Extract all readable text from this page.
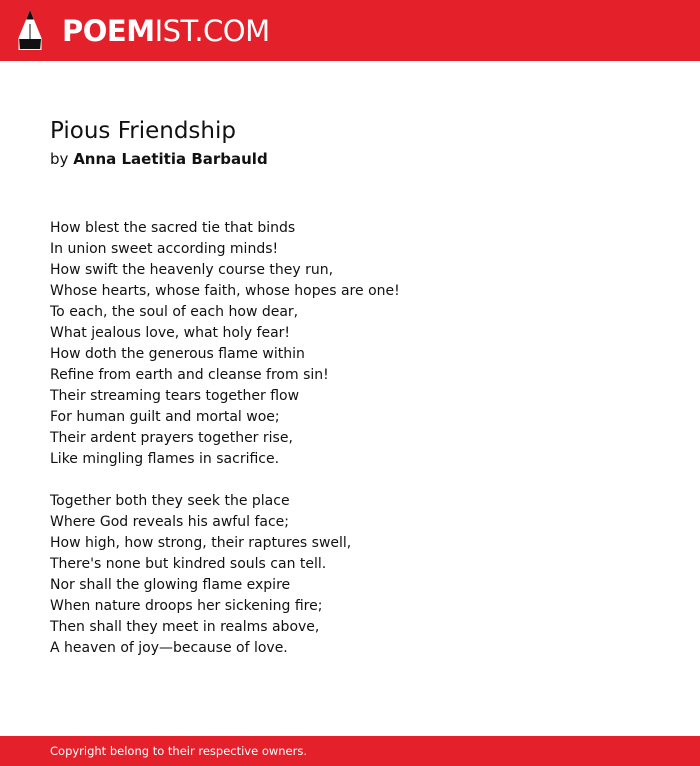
POEMIST.COM
Pious Friendship
by Anna Laetitia Barbauld
How blest the sacred tie that binds
In union sweet according minds!
How swift the heavenly course they run,
Whose hearts, whose faith, whose hopes are one!
To each, the soul of each how dear,
What jealous love, what holy fear!
How doth the generous flame within
Refine from earth and cleanse from sin!
Their streaming tears together flow
For human guilt and mortal woe;
Their ardent prayers together rise,
Like mingling flames in sacrifice.
Together both they seek the place
Where God reveals his awful face;
How high, how strong, their raptures swell,
There's none but kindred souls can tell.
Nor shall the glowing flame expire
When nature droops her sickening fire;
Then shall they meet in realms above,
A heaven of joy—because of love.
Copyright belong to their respective owners.
